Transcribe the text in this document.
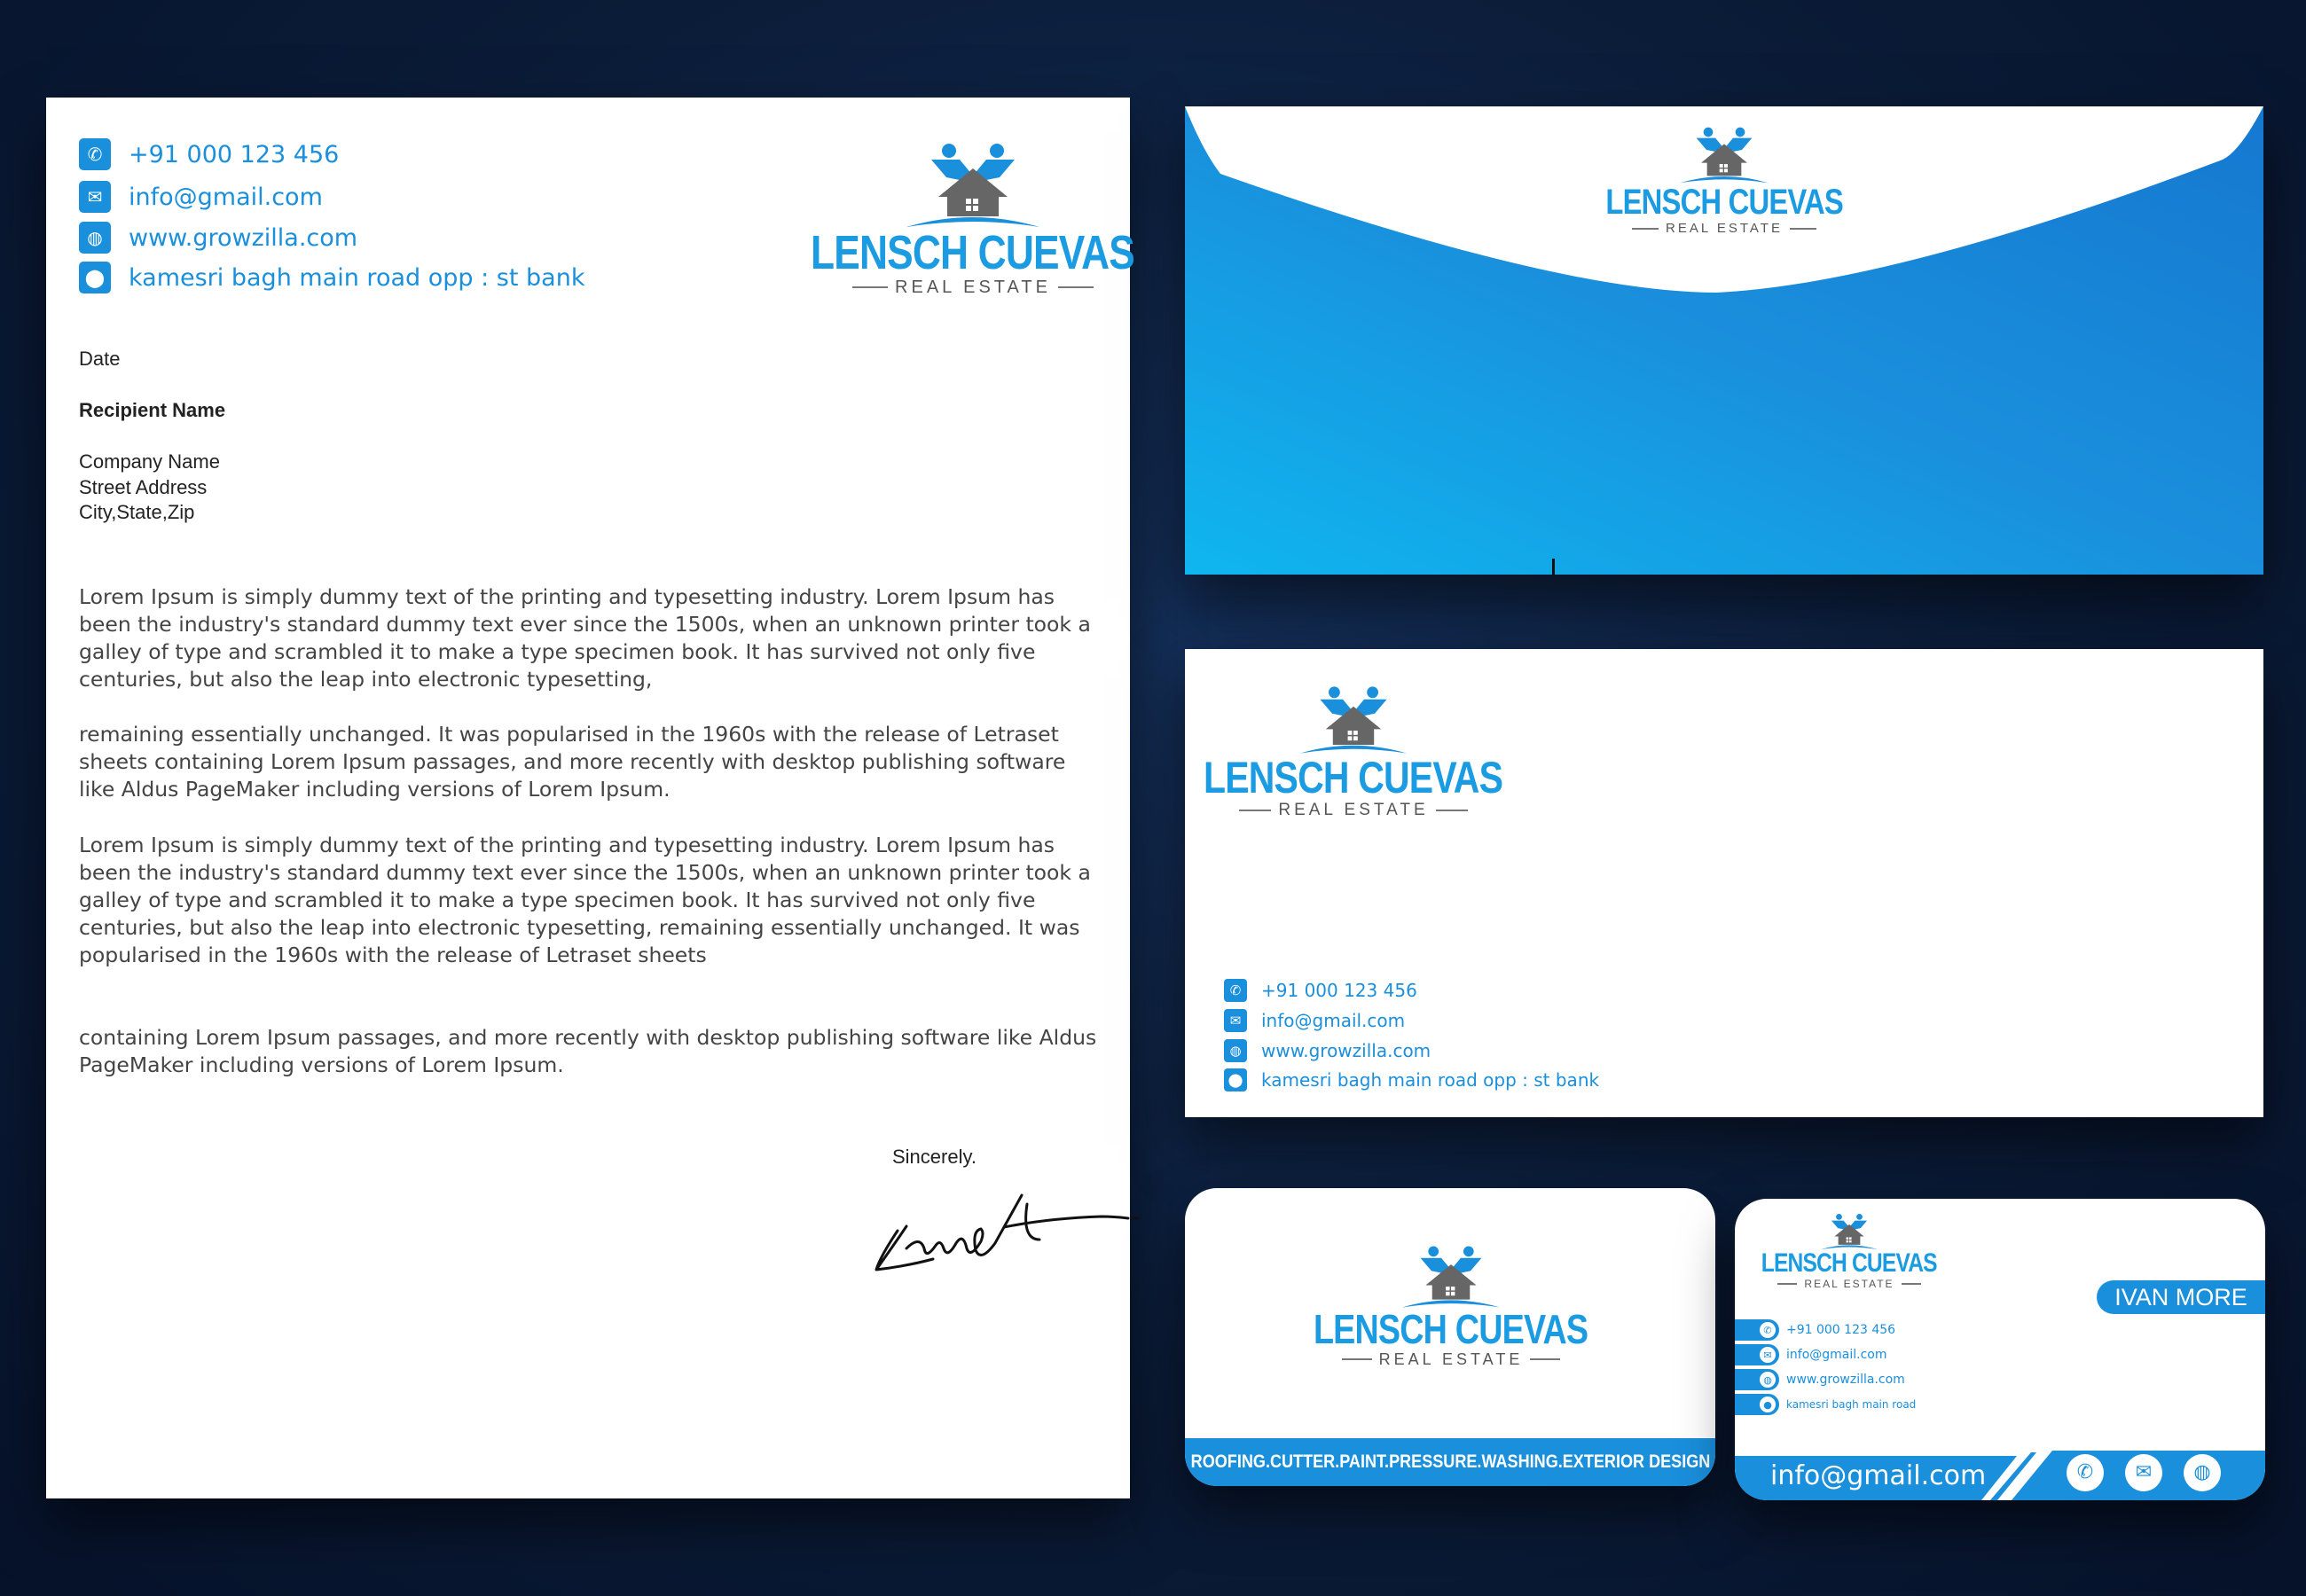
✆	+91 000 123 456
✉	info@gmail.com
◍	www.growzilla.com
⬤ kamesri bagh main road opp : st bank	LENSCH CUEVAS
REAL ESTATE
Date
Recipient Name
Company Name
Street Address
City,State,Zip
Lorem Ipsum is simply dummy text of the printing and typesetting industry. Lorem Ipsum has been the industry's standard dummy text ever since the 1500s, when an unknown printer took a galley of type and scrambled it to make a type specimen book. It has survived not only five centuries, but also the leap into electronic typesetting,
remaining essentially unchanged. It was popularised in the 1960s with the release of Letraset sheets containing Lorem Ipsum passages, and more recently with desktop publishing software like Aldus PageMaker including versions of Lorem Ipsum.
Lorem Ipsum is simply dummy text of the printing and typesetting industry. Lorem Ipsum has been the industry's standard dummy text ever since the 1500s, when an unknown printer took a galley of type and scrambled it to make a type specimen book. It has survived not only five centuries, but also the leap into electronic typesetting, remaining essentially unchanged. It was popularised in the 1960s with the release of Letraset sheets
containing Lorem Ipsum passages, and more recently with desktop publishing software like Aldus PageMaker including versions of Lorem Ipsum.
Sincerely.
LENSCH CUEVAS
REAL ESTATE
LENSCH CUEVAS
REAL ESTATE
✆	+91 000 123 456
✉	info@gmail.com
◍	www.growzilla.com
⬤ kamesri bagh main road opp : st bank
LENSCH CUEVAS
REAL ESTATE
ROOFING.CUTTER.PAINT.PRESSURE.WASHING.EXTERIOR DESIGN
LENSCH CUEVAS
REAL ESTATE	IVAN MORE
✆	+91 000 123 456
✉	info@gmail.com
◍	www.growzilla.com
●	kamesri bagh main road
info@gmail.com	✆	✉	◍
